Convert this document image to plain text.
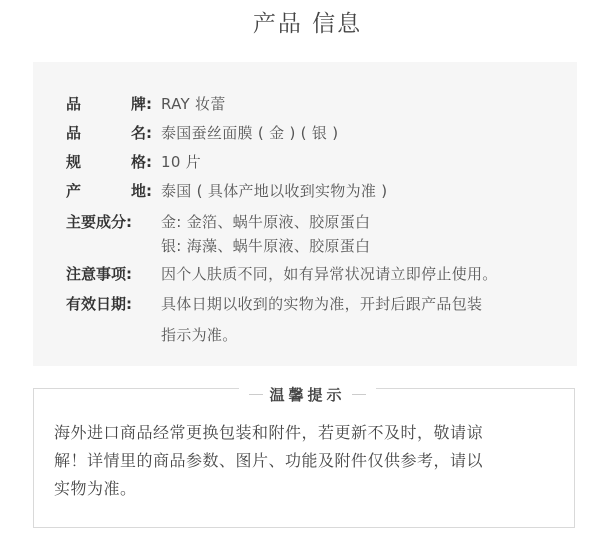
产品 信息
品	牌: RAY 妆蕾
品	名: 泰国蚕丝面膜 ( 金 ) ( 银 )
规	格: 10 片
产	地: 泰国 ( 具体产地以收到实物为准 )
主要成分: 金: 金箔、蜗牛原液、胶原蛋白
银: 海藻、蜗牛原液、胶原蛋白
注意事项: 因个人肤质不同，如有异常状况请立即停止使用。
有效日期: 具体日期以收到的实物为准，开封后跟产品包装
指示为准。
海外进口商品经常更换包装和附件，若更新不及时，敬请谅
解！详情里的商品参数、图片、功能及附件仅供参考，请以
实物为准。
温馨提示
